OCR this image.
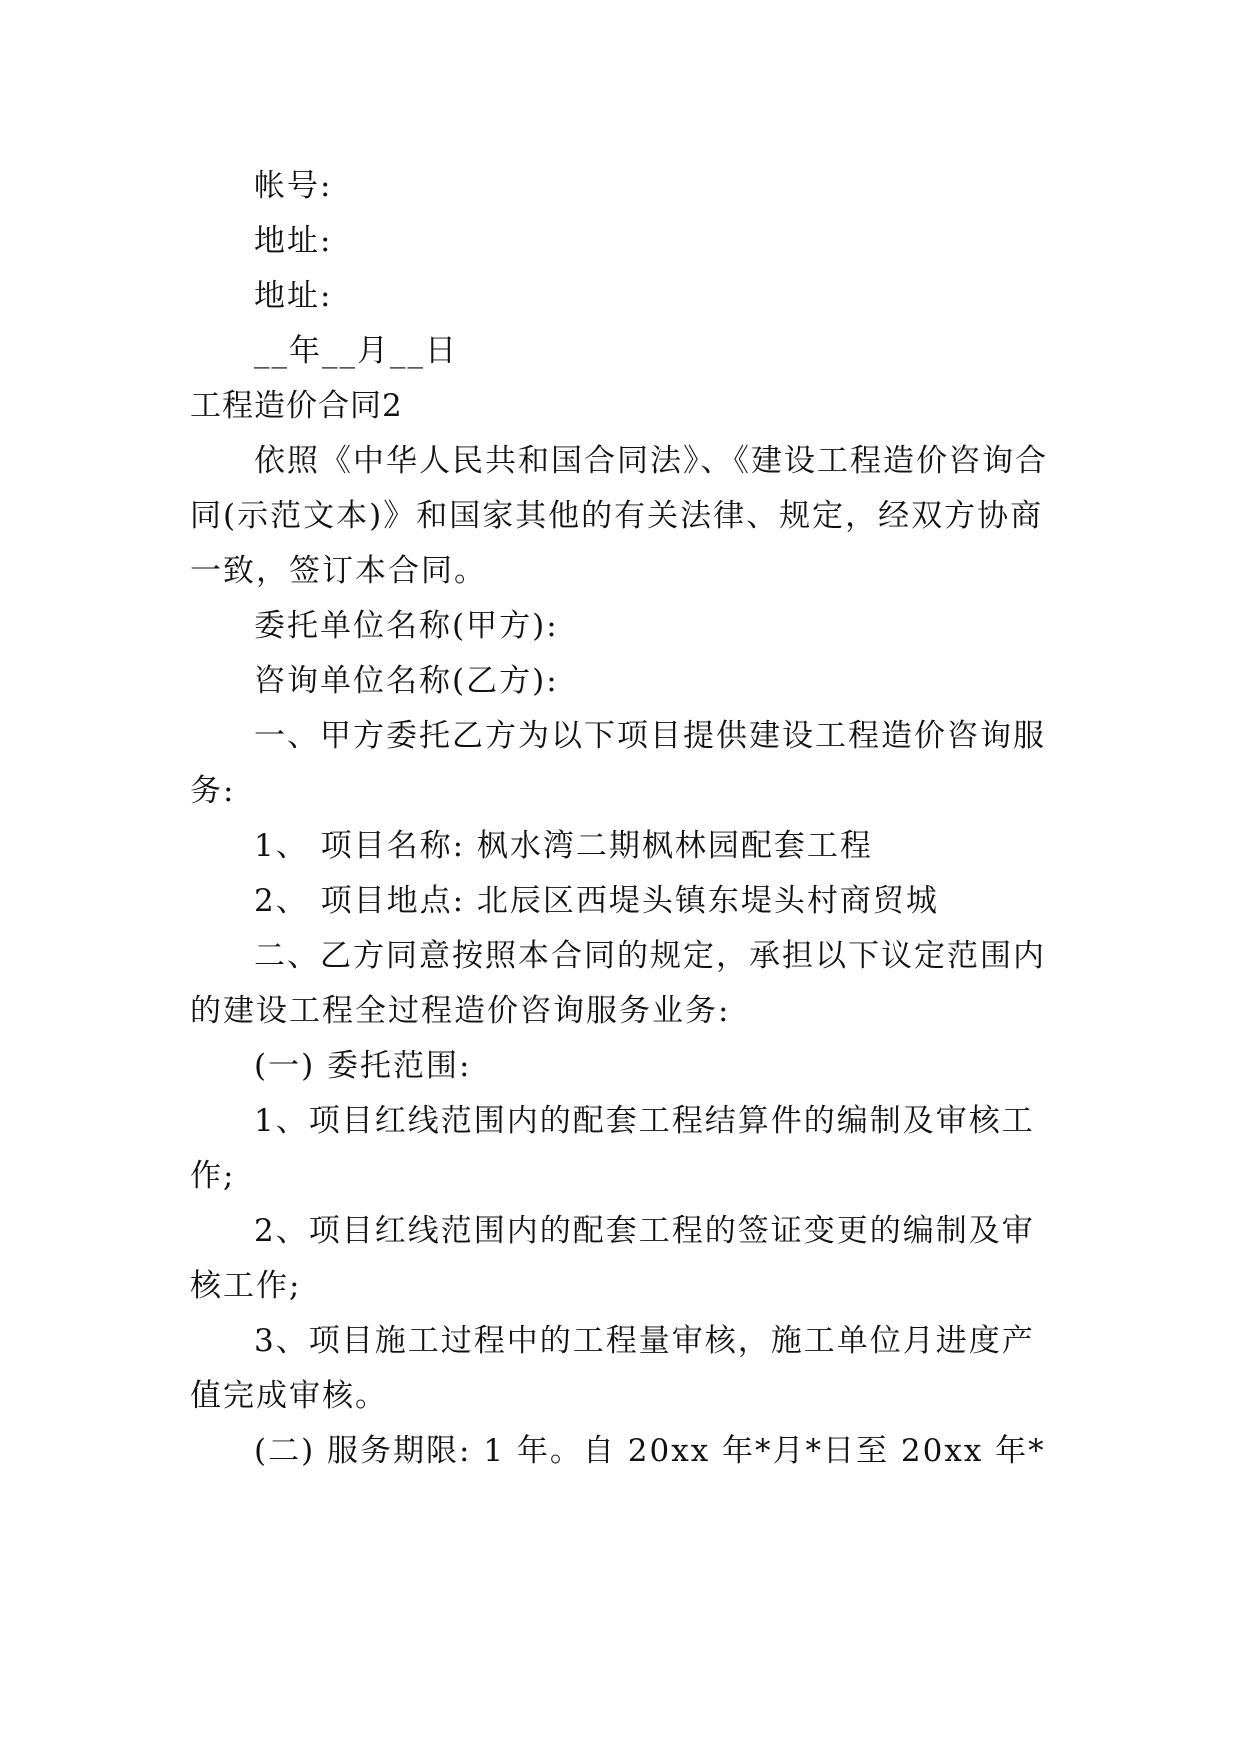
帐号:
地址:
地址:
__年__月__日
工程造价合同2
依照《中华人民共和国合同法》、《建设工程造价咨询合
同(示范文本)》和国家其他的有关法律、规定，经双方协商
一致，签订本合同。
委托单位名称(甲方):
咨询单位名称(乙方):
一、甲方委托乙方为以下项目提供建设工程造价咨询服
务:
1、 项目名称: 枫水湾二期枫林园配套工程
2、 项目地点: 北辰区西堤头镇东堤头村商贸城
二、乙方同意按照本合同的规定，承担以下议定范围内
的建设工程全过程造价咨询服务业务:
(一) 委托范围:
1、项目红线范围内的配套工程结算件的编制及审核工
作;
2、项目红线范围内的配套工程的签证变更的编制及审
核工作;
3、项目施工过程中的工程量审核，施工单位月进度产
值完成审核。
(二) 服务期限: 1 年。自 20xx 年*月*日至 20xx 年*
